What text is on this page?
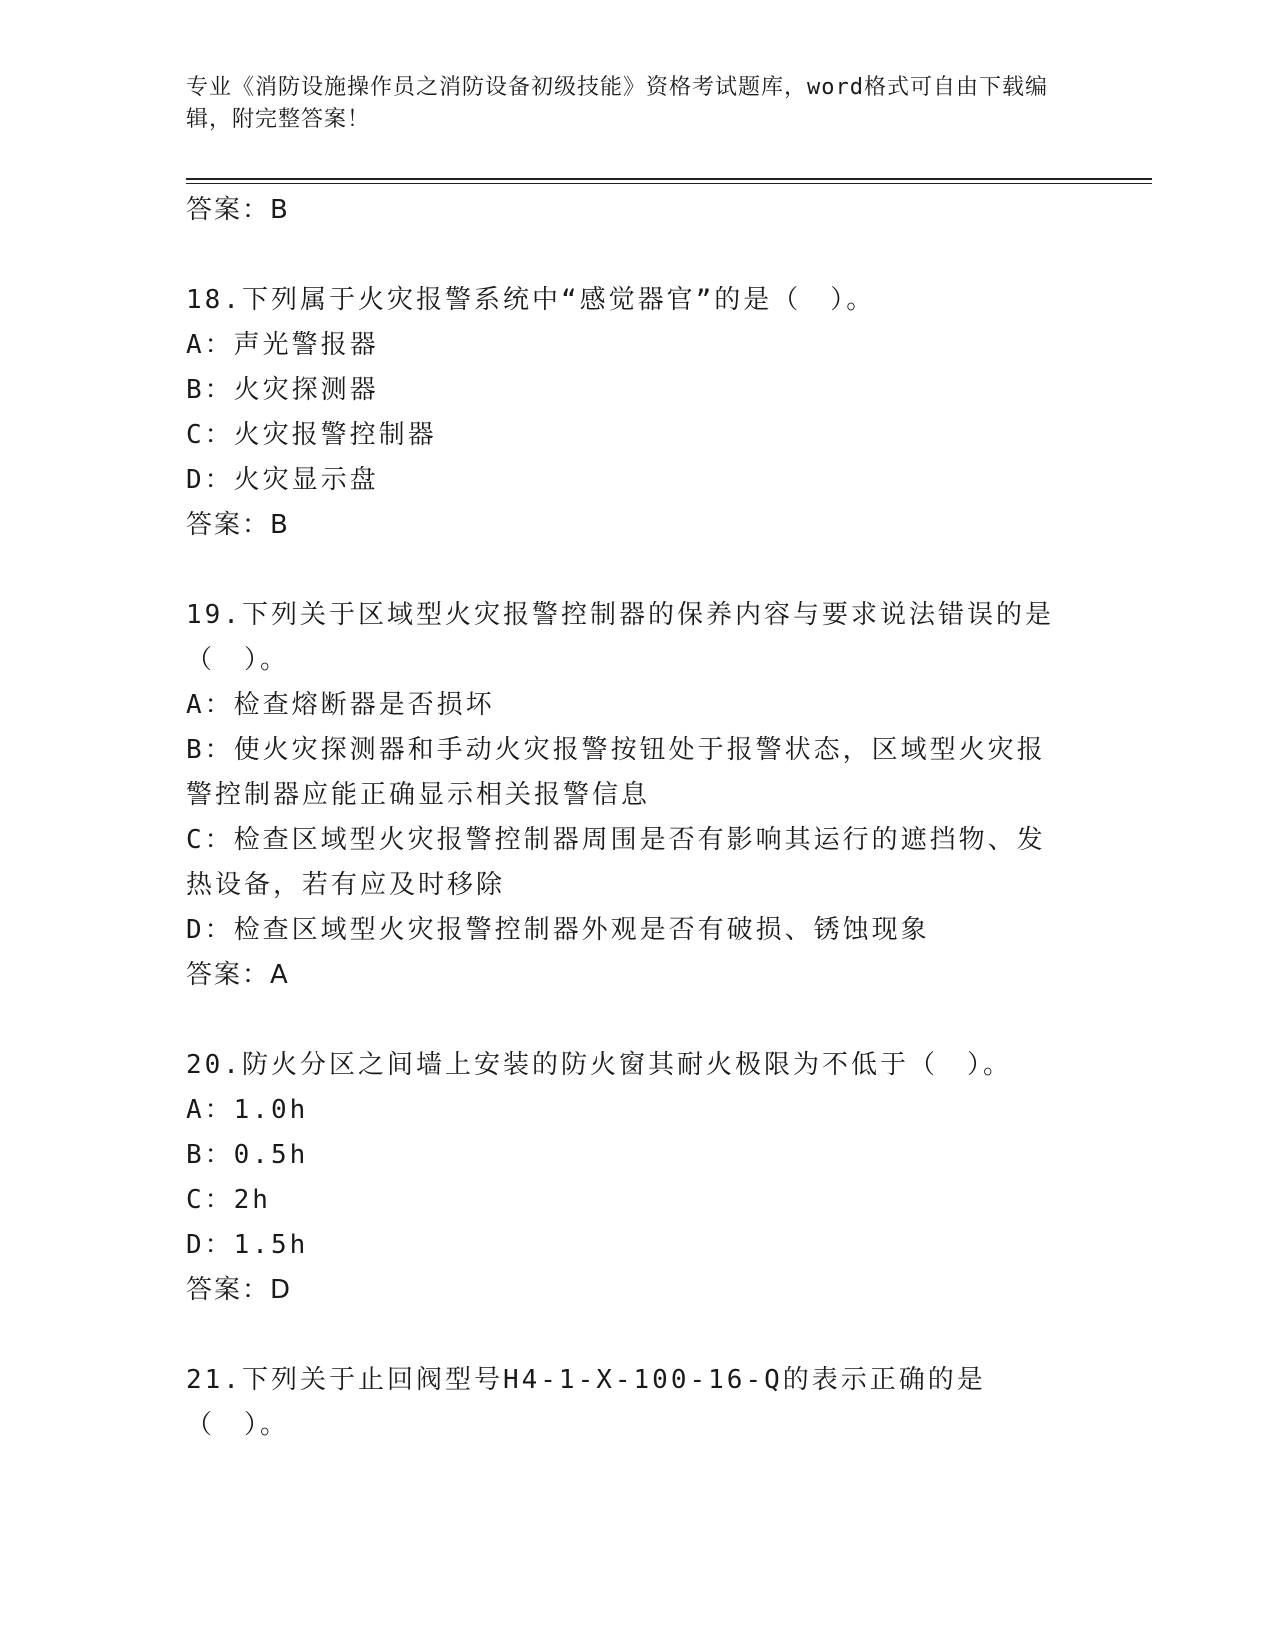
专业《消防设施操作员之消防设备初级技能》资格考试题库，word格式可自由下载编辑，附完整答案！
答案：B
18.下列属于火灾报警系统中“感觉器官”的是（　）。
A：声光警报器
B：火灾探测器
C：火灾报警控制器
D：火灾显示盘
答案：B
19.下列关于区域型火灾报警控制器的保养内容与要求说法错误的是（　）。
A：检查熔断器是否损坏
B：使火灾探测器和手动火灾报警按钮处于报警状态，区域型火灾报警控制器应能正确显示相关报警信息
C：检查区域型火灾报警控制器周围是否有影响其运行的遮挡物、发热设备，若有应及时移除
D：检查区域型火灾报警控制器外观是否有破损、锈蚀现象
答案：A
20.防火分区之间墙上安装的防火窗其耐火极限为不低于（　）。
A：1.0h
B：0.5h
C：2h
D：1.5h
答案：D
21.下列关于止回阀型号H4-1-X-100-16-Q的表示正确的是（　）。
